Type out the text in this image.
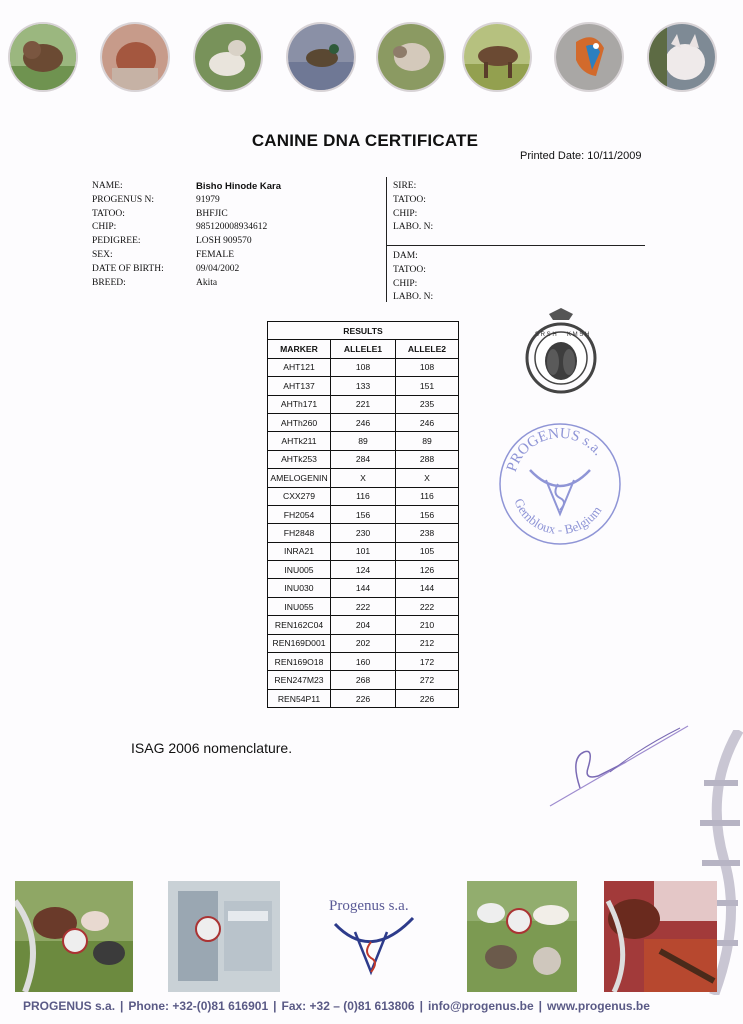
CANINE DNA CERTIFICATE
Printed Date: 10/11/2009
NAME:	Bisho Hinode Kara
PROGENUS N:	91979
TATOO:	BHFJIC
CHIP:	985120008934612
PEDIGREE:	LOSH 909570
SEX:	FEMALE
DATE OF BIRTH:	09/04/2002
BREED:	Akita
SIRE:
TATOO:
CHIP:
LABO. N:
DAM:
TATOO:
CHIP:
LABO. N:
RESULTS		
MARKER	ALLELE1	ALLELE2
AHT121	108	108
AHT137	133	151
AHTh171	221	235
AHTh260	246	246
AHTk211	89	89
AHTk253	284	288
AMELOGENIN	X	X
CXX279	116	116
FH2054	156	156
FH2848	230	238
INRA21	101	105
INU005	124	126
INU030	144	144
INU055	222	222
REN162C04	204	210
REN169D001	202	212
REN169O18	160	172
REN247M23	268	272
REN54P11	226	226
S R S H K M S H
PROGENUS s.a.
Gembloux - Belgium
ISAG 2006 nomenclature.
Progenus s.a.
PROGENUS s.a. | Phone: +32-(0)81 616901 | Fax: +32 – (0)81 613806 | info@progenus.be | www.progenus.be
